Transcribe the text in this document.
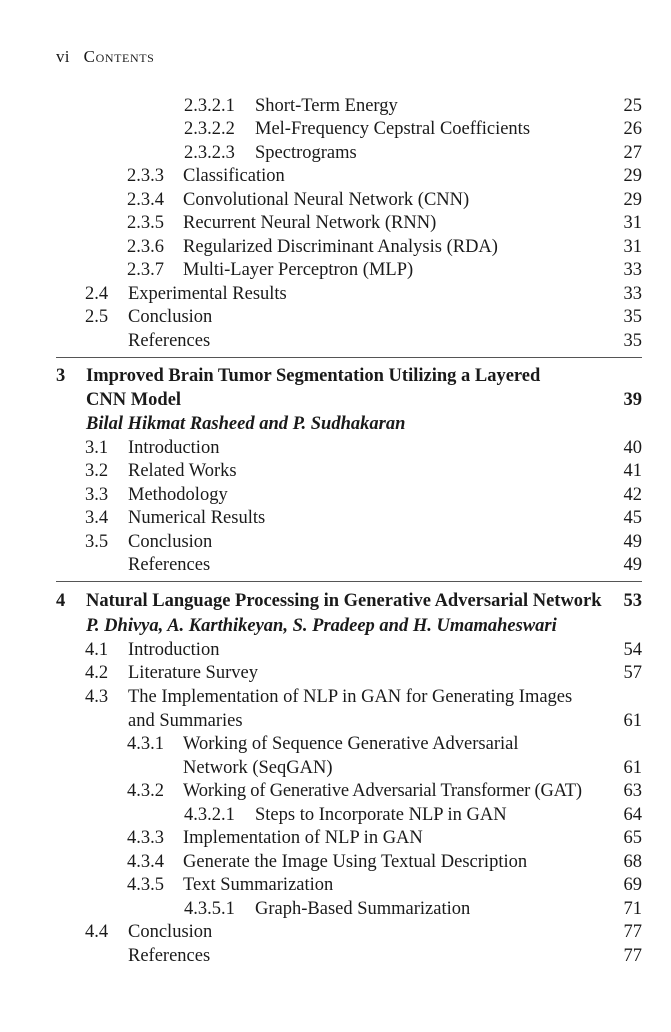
vi Contents
2.3.2.1 Short-Term Energy	25
2.3.2.2 Mel-Frequency Cepstral Coefficients	26
2.3.2.3 Spectrograms	27
2.3.3 Classification	29
2.3.4 Convolutional Neural Network (CNN)	29
2.3.5 Recurrent Neural Network (RNN)	31
2.3.6 Regularized Discriminant Analysis (RDA)	31
2.3.7 Multi-Layer Perceptron (MLP)	33
2.4 Experimental Results	33
2.5 Conclusion	35
References	35
3 Improved Brain Tumor Segmentation Utilizing a Layered
CNN Model	39
Bilal Hikmat Rasheed and P. Sudhakaran
3.1 Introduction	40
3.2 Related Works	41
3.3 Methodology	42
3.4 Numerical Results	45
3.5 Conclusion	49
References	49
4 Natural Language Processing in Generative Adversarial Network 53
P. Dhivya, A. Karthikeyan, S. Pradeep and H. Umamaheswari
4.1 Introduction	54
4.2 Literature Survey	57
4.3 The Implementation of NLP in GAN for Generating Images
and Summaries	61
4.3.1 Working of Sequence Generative Adversarial
Network (SeqGAN)	61
4.3.2 Working of Generative Adversarial Transformer (GAT) 63
4.3.2.1 Steps to Incorporate NLP in GAN	64
4.3.3 Implementation of NLP in GAN	65
4.3.4 Generate the Image Using Textual Description	68
4.3.5 Text Summarization	69
4.3.5.1 Graph-Based Summarization	71
4.4 Conclusion	77
References	77
